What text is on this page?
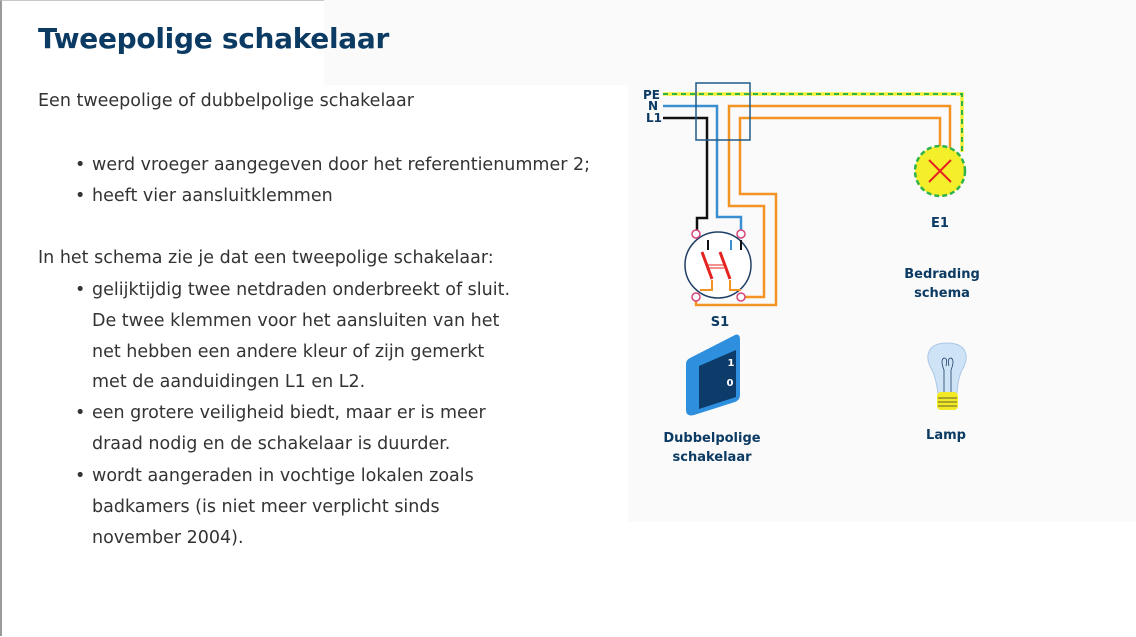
Tweepolige schakelaar
Een tweepolige of dubbelpolige schakelaar
• werd vroeger aangegeven door het referentienummer 2;
• heeft vier aansluitklemmen
In het schema zie je dat een tweepolige schakelaar:
• gelijktijdig twee netdraden onderbreekt of sluit.
De twee klemmen voor het aansluiten van het
net hebben een andere kleur of zijn gemerkt
met de aanduidingen L1 en L2.
• een grotere veiligheid biedt, maar er is meer
draad nodig en de schakelaar is duurder.
• wordt aangeraden in vochtige lokalen zoals
badkamers (is niet meer verplicht sinds
november 2004).
PE
N
L1
E1
Bedrading
schema
S1
1
0
Dubbelpolige
schakelaar
Lamp
